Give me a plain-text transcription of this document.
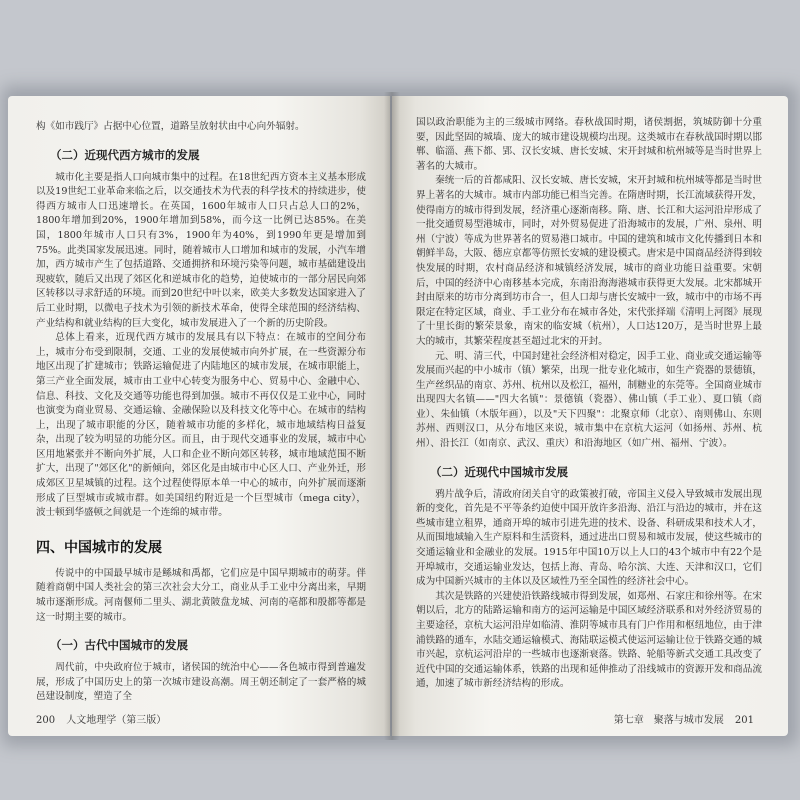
构《如市践厅》占据中心位置，道路呈放射状由中心向外辐射。

（二）近现代西方城市的发展

城市化主要是指人口向城市集中的过程。在18世纪西方资本主义基本形成以及19世纪工业革命来临之后，以交通技术为代表的科学技术的持续进步，使得西方城市人口迅速增长。在英国，1600年城市人口只占总人口的2%，1800年增加到20%，1900年增加到58%，而今这一比例已达85%。在美国，1800年城市人口只有3%，1900年为40%，到1990年更是增加到75%。此类国家发展迅速。同时，随着城市人口增加和城市的发展，小汽车增加，西方城市产生了包括道路、交通拥挤和环境污染等问题，城市基础建设出现疲软，随后又出现了郊区化和逆城市化的趋势，迫使城市的一部分居民向郊区转移以寻求舒适的环境。而到20世纪中叶以来，欧美大多数发达国家进入了后工业时期，以微电子技术为引领的新技术革命，使得全球范围的经济结构、产业结构和就业结构的巨大变化，城市发展进入了一个新的历史阶段。

总体上看来，近现代西方城市的发展具有以下特点：在城市的空间分布上，城市分布受到限制，交通、工业的发展使城市向外扩展，在一些资源分布地区出现了扩建城市；铁路运输促进了内陆地区的城市发展，在城市职能上，第三产业全面发展，城市由工业中心转变为服务中心、贸易中心、金融中心、信息、科技、文化及交通等功能也得到加强。城市不再仅仅是工业中心，同时也演变为商业贸易、交通运输、金融保险以及科技文化等中心。在城市的结构上，出现了城市职能的分区，随着城市功能的多样化，城市地域结构日益复杂，出现了较为明显的功能分区。而且，由于现代交通事业的发展，城市中心区用地紧张并不断向外扩展，人口和企业不断向郊区转移，城市地域范围不断扩大，出现了"郊区化"的新倾向，郊区化是由城市中心区人口、产业外迁，形成郊区卫星城镇的过程。这个过程使得原本单一中心的城市，向外扩展而逐渐形成了巨型城市或城市群。如美国纽约附近是一个巨型城市（mega city），波士顿到华盛顿之间就是一个连绵的城市带。

四、中国城市的发展

传说中的中国最早城市是鲧城和禹都，它们应是中国早期城市的萌芽。伴随着商朝中国人类社会的第三次社会大分工，商业从手工业中分离出来，早期城市逐渐形成。河南偃师二里头、湖北黄陂盘龙城、河南的亳都和殷都等都是这一时期主要的城市。

（一）古代中国城市的发展

周代前，中央政府位于城市，诸侯国的统治中心——各色城市得到普遍发展，形成了中国历史上的第一次城市建设高潮。周王朝还制定了一套严格的城邑建设制度，塑造了全

200 人文地理学（第三版）

国以政治职能为主的三级城市网络。春秋战国时期，诸侯割据，筑城防御十分重要，因此坚固的城墙、庞大的城市建设规模均出现。这类城市在春秋战国时期以邯郸、临淄、燕下都、郢、汉长安城、唐长安城、宋开封城和杭州城等是当时世界上著名的大城市。

秦统一后的首都咸阳、汉长安城、唐长安城，宋开封城和杭州城等都是当时世界上著名的大城市。城市内部功能已相当完善。在隋唐时期，长江流域获得开发，使得南方的城市得到发展，经济重心逐渐南移。隋、唐、长江和大运河沿岸形成了一批交通贸易型港城市，同时，对外贸易促进了沿海城市的发展，广州、泉州、明州（宁波）等成为世界著名的贸易港口城市。中国的建筑和城市文化传播到日本和朝鲜半岛，大阪、德应京都等仿照长安城的建设模式。唐宋是中国商品经济得到较快发展的时期，农村商品经济和城镇经济发展，城市的商业功能日益重要。宋朝后，中国的经济中心南移基本完成，东南沿海海港城市获得更大发展。北宋都城开封由原来的坊市分离到坊市合一，但人口却与唐长安城中一致，城市中的市场不再限定在特定区域，商业、手工业分布在城市各处，宋代张择端《清明上河图》展现了十里长街的繁荣景象，南宋的临安城（杭州），人口达120万，是当时世界上最大的城市，其繁荣程度甚至超过北宋的开封。

元、明、清三代，中国封建社会经济相对稳定，因手工业、商业或交通运输等发展而兴起的中小城市（镇）繁荣，出现一批专业化城市，如生产瓷器的景德镇，生产丝织品的南京、苏州、杭州以及松江，福州，制糖业的东莞等。全国商业城市出现四大名镇——"四大名镇"：景德镇（瓷器）、佛山镇（手工业）、夏口镇（商业）、朱仙镇（木版年画），以及"天下四聚"：北聚京师（北京）、南则佛山、东则苏州、西则汉口，从分布地区来说，城市集中在京杭大运河（如扬州、苏州、杭州）、沿长江（如南京、武汉、重庆）和沿海地区（如广州、福州、宁波）。

（二）近现代中国城市发展

鸦片战争后，清政府闭关自守的政策被打破，帝国主义侵入导致城市发展出现新的变化，首先是不平等条约迫使中国开放许多沿海、沿江与沿边的城市，并在这些城市建立租界，通商开埠的城市引进先进的技术、设备、科研成果和技术人才，从而围地域输入生产原料和生活资料，通过进出口贸易和城市发展，使这些城市的交通运输业和金融业的发展。1915年中国10万以上人口的43个城市中有22个是开埠城市，交通运输业发达，包括上海、青岛、哈尔滨、大连、天津和汉口，它们成为中国新兴城市的主体以及区域性乃至全国性的经济社会中心。

其次是铁路的兴建使沿铁路线城市得到发展，如郑州、石家庄和徐州等。在宋朝以后，北方的陆路运输和南方的运河运输是中国区域经济联系和对外经济贸易的主要途径，京杭大运河沿岸如临清、淮阴等城市具有门户作用和枢纽地位，由于津浦铁路的通车，水陆交通运输模式、海陆联运模式使运河运输让位于铁路交通的城市兴起，京杭运河沿岸的一些城市也逐渐衰落。铁路、轮船等新式交通工具改变了近代中国的交通运输体系，铁路的出现和延伸推动了沿线城市的资源开发和商品流通，加速了城市新经济结构的形成。

第七章　聚落与城市发展 201
